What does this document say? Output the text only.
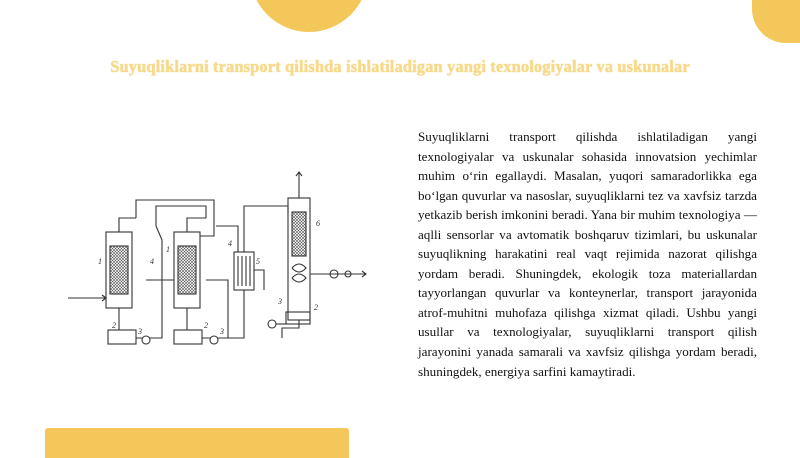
Suyuqliklarni transport qilishda ishlatiladigan yangi texnologiyalar va uskunalar
1
2
3
4
2
1
3
4
5
3
2
6
Suyuqliklarni transport qilishda ishlatiladigan yangi texnologiyalar va uskunalar sohasida innovatsion yechimlar muhim o‘rin egallaydi. Masalan, yuqori samaradorlikka ega bo‘lgan quvurlar va nasoslar, suyuqliklarni tez va xavfsiz tarzda yetkazib berish imkonini beradi. Yana bir muhim texnologiya — aqlli sensorlar va avtomatik boshqaruv tizimlari, bu uskunalar suyuqlikning harakatini real vaqt rejimida nazorat qilishga yordam beradi. Shuningdek, ekologik toza materiallardan tayyorlangan quvurlar va konteynerlar, transport jarayonida atrof-muhitni muhofaza qilishga xizmat qiladi. Ushbu yangi usullar va texnologiyalar, suyuqliklarni transport qilish jarayonini yanada samarali va xavfsiz qilishga yordam beradi, shuningdek, energiya sarfini kamaytiradi.
